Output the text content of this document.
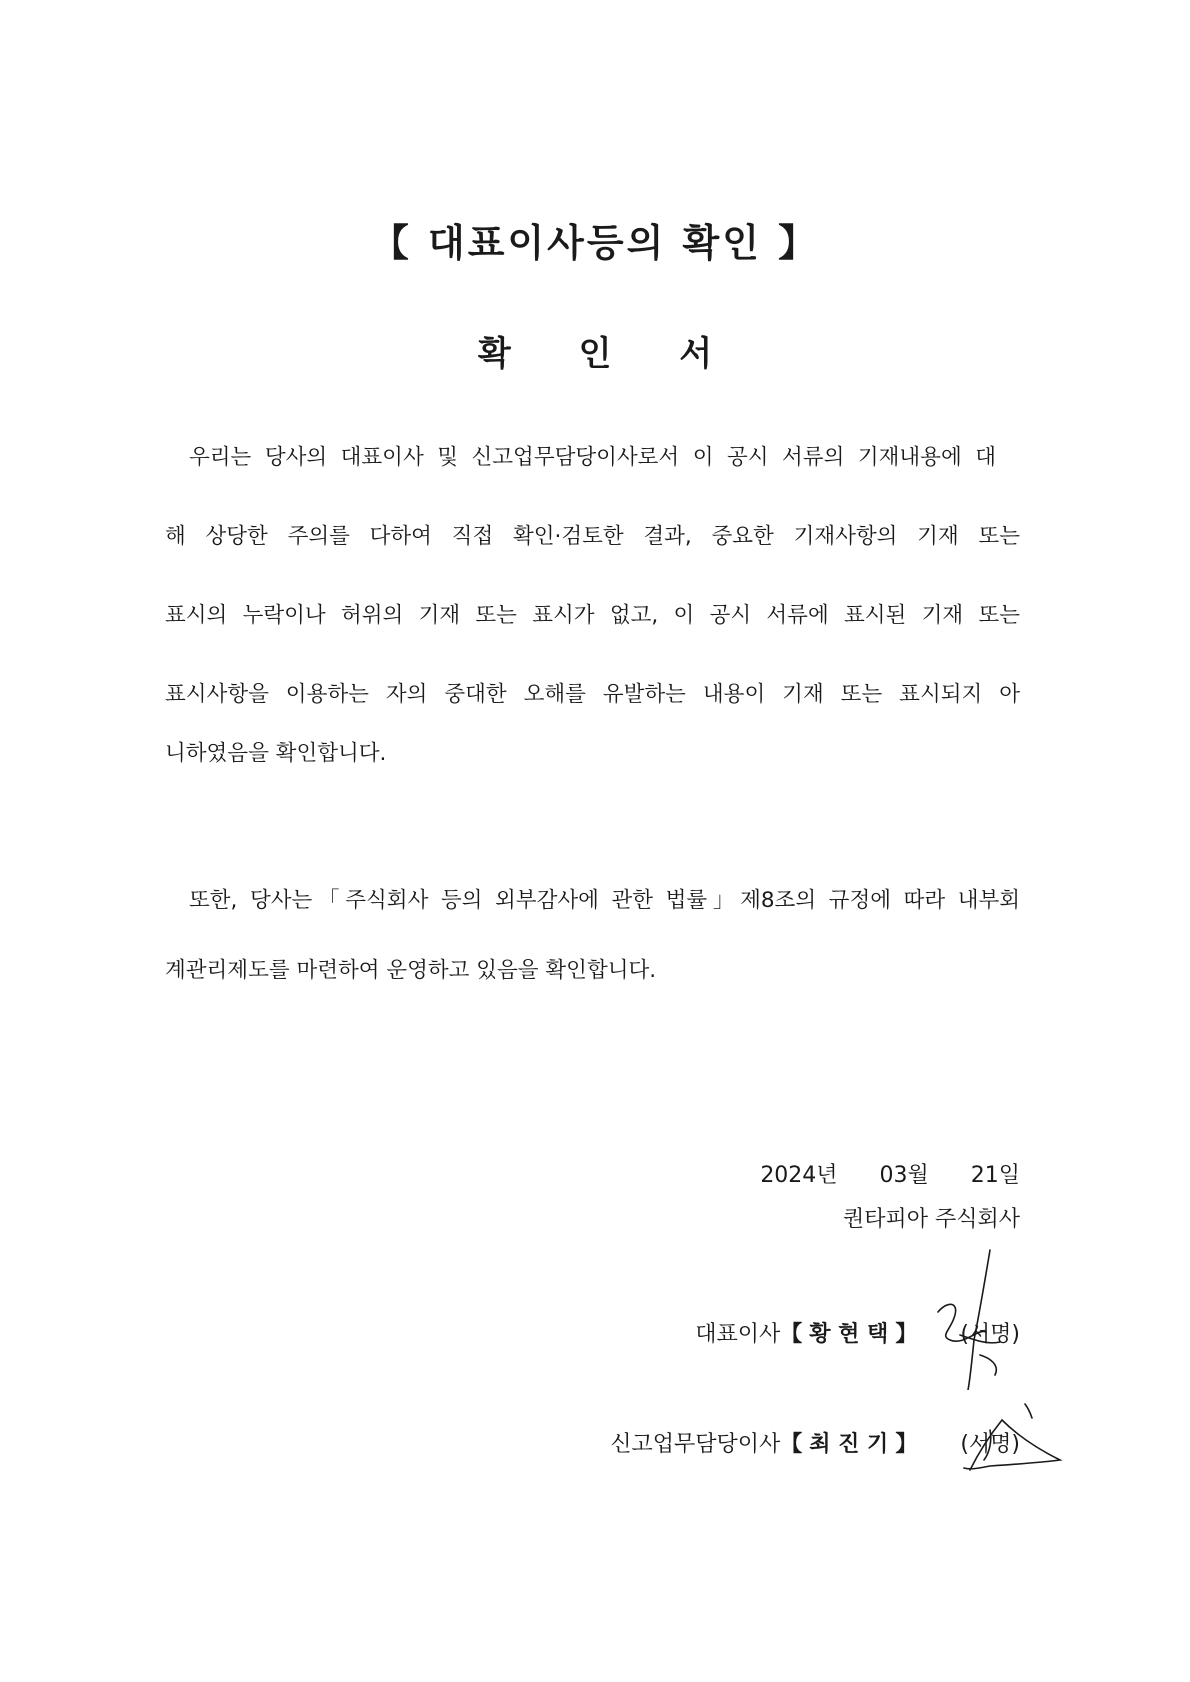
【 대표이사등의 확인 】
확 인 서
우리는 당사의 대표이사 및 신고업무담당이사로서 이 공시 서류의 기재내용에 대
해 상당한 주의를 다하여 직접 확인·검토한 결과, 중요한 기재사항의 기재 또는
표시의 누락이나 허위의 기재 또는 표시가 없고, 이 공시 서류에 표시된 기재 또는
표시사항을 이용하는 자의 중대한 오해를 유발하는 내용이 기재 또는 표시되지 아
니하였음을 확인합니다.
또한, 당사는「주식회사 등의 외부감사에 관한 법률」제8조의 규정에 따라 내부회
계관리제도를 마련하여 운영하고 있음을 확인합니다.

2024년 03월 21일

퀀타피아 주식회사
대표이사【 황 현 택 】 (서명)
신고업무담당이사【 최 진 기 】 (서명)
